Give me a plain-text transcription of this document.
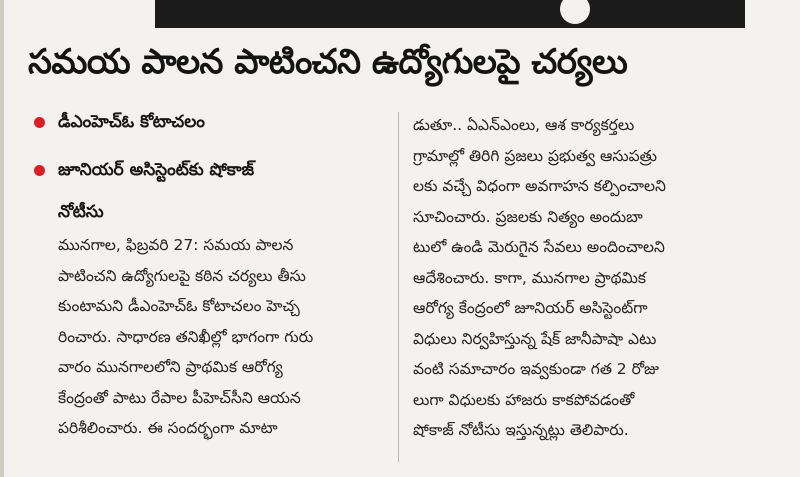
సమయ పాలన పాటించని ఉద్యోగులపై చర్యలు
డీఎంహెచ్ఓ కోటాచలం
జూనియర్ అసిస్టెంట్‌కు షోకాజ్
నోటీసు
మునగాల, ఫిబ్రవరి 27: సమయ పాలన
పాటించని ఉద్యోగులపై కఠిన చర్యలు తీసు
కుంటామని డీఎంహెచ్ఓ కోటాచలం హెచ్చ
రించారు. సాధారణ తనిఖీల్లో భాగంగా గురు
వారం మునగాలలోని ప్రాథమిక ఆరోగ్య
కేంద్రంతో పాటు రేపాల పీహెచ్‌సీని ఆయన
పరిశీలించారు. ఈ సందర్భంగా మాటా
డుతూ.. ఏఎన్ఎంలు, ఆశ కార్యకర్తలు
గ్రామాల్లో తిరిగి ప్రజలు ప్రభుత్వ ఆసుపత్రు
లకు వచ్చే విధంగా అవగాహన కల్పించాలని
సూచించారు. ప్రజలకు నిత్యం అందుబా
టులో ఉండి మెరుగైన సేవలు అందించాలని
ఆదేశించారు. కాగా, మునగాల ప్రాథమిక
ఆరోగ్య కేంద్రంలో జూనియర్ అసిస్టెంట్‌గా
విధులు నిర్వహిస్తున్న షేక్ జానీపాషా ఎటు
వంటి సమాచారం ఇవ్వకుండా గత 2 రోజు
లుగా విధులకు హాజరు కాకపోవడంతో
షోకాజ్ నోటీసు ఇస్తున్నట్లు తెలిపారు.
